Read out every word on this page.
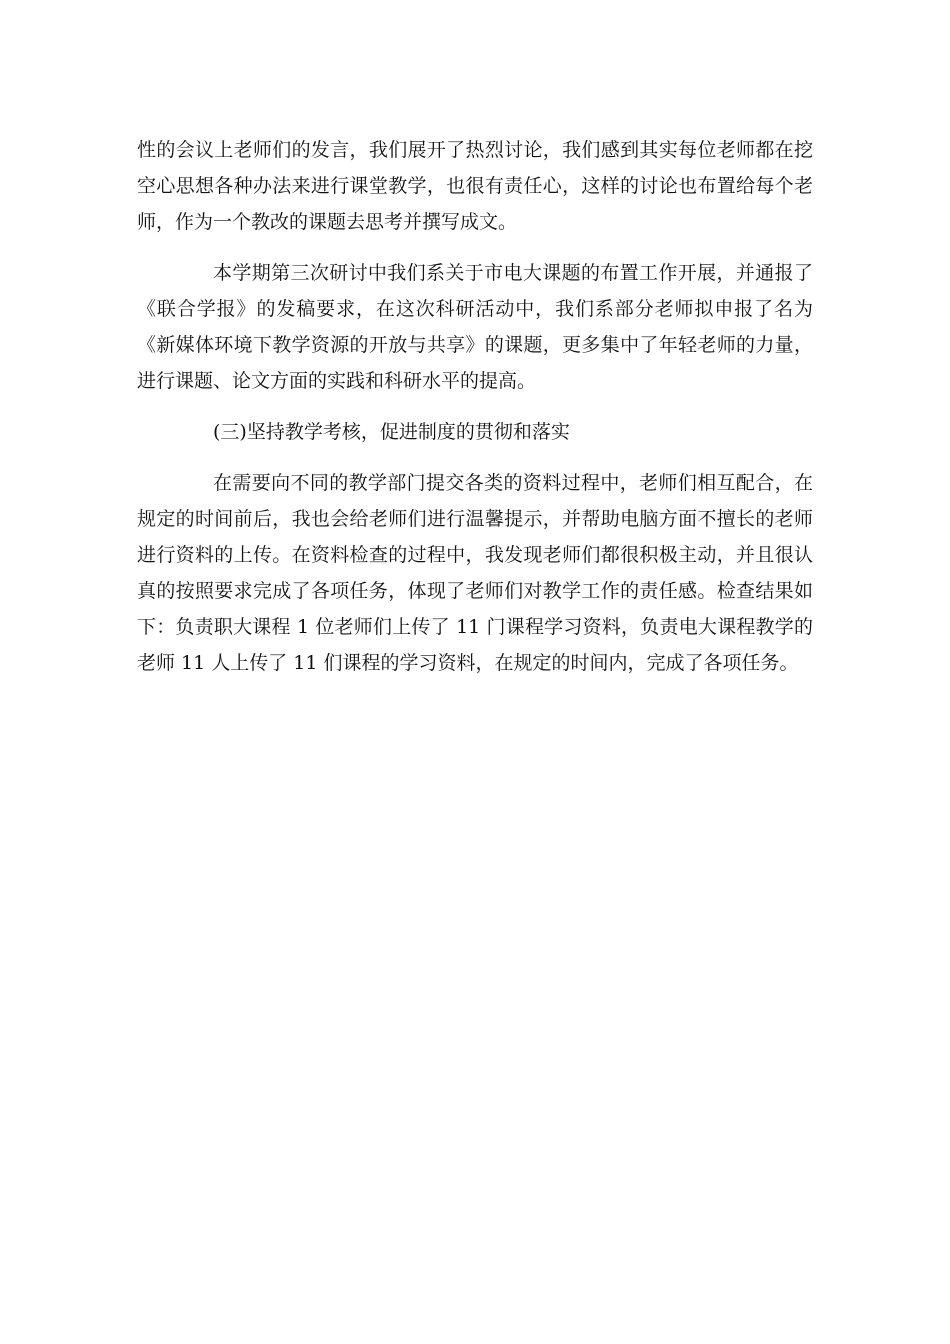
性的会议上老师们的发言，我们展开了热烈讨论，我们感到其实每位老师都在挖空心思想各种办法来进行课堂教学，也很有责任心，这样的讨论也布置给每个老师，作为一个教改的课题去思考并撰写成文。

本学期第三次研讨中我们系关于市电大课题的布置工作开展，并通报了《联合学报》的发稿要求，在这次科研活动中，我们系部分老师拟申报了名为《新媒体环境下教学资源的开放与共享》的课题，更多集中了年轻老师的力量，进行课题、论文方面的实践和科研水平的提高。

(三)坚持教学考核，促进制度的贯彻和落实

在需要向不同的教学部门提交各类的资料过程中，老师们相互配合，在规定的时间前后，我也会给老师们进行温馨提示，并帮助电脑方面不擅长的老师进行资料的上传。在资料检查的过程中，我发现老师们都很积极主动，并且很认真的按照要求完成了各项任务，体现了老师们对教学工作的责任感。检查结果如下：负责职大课程 1 位老师们上传了 11 门课程学习资料，负责电大课程教学的老师 11 人上传了 11 们课程的学习资料，在规定的时间内，完成了各项任务。
